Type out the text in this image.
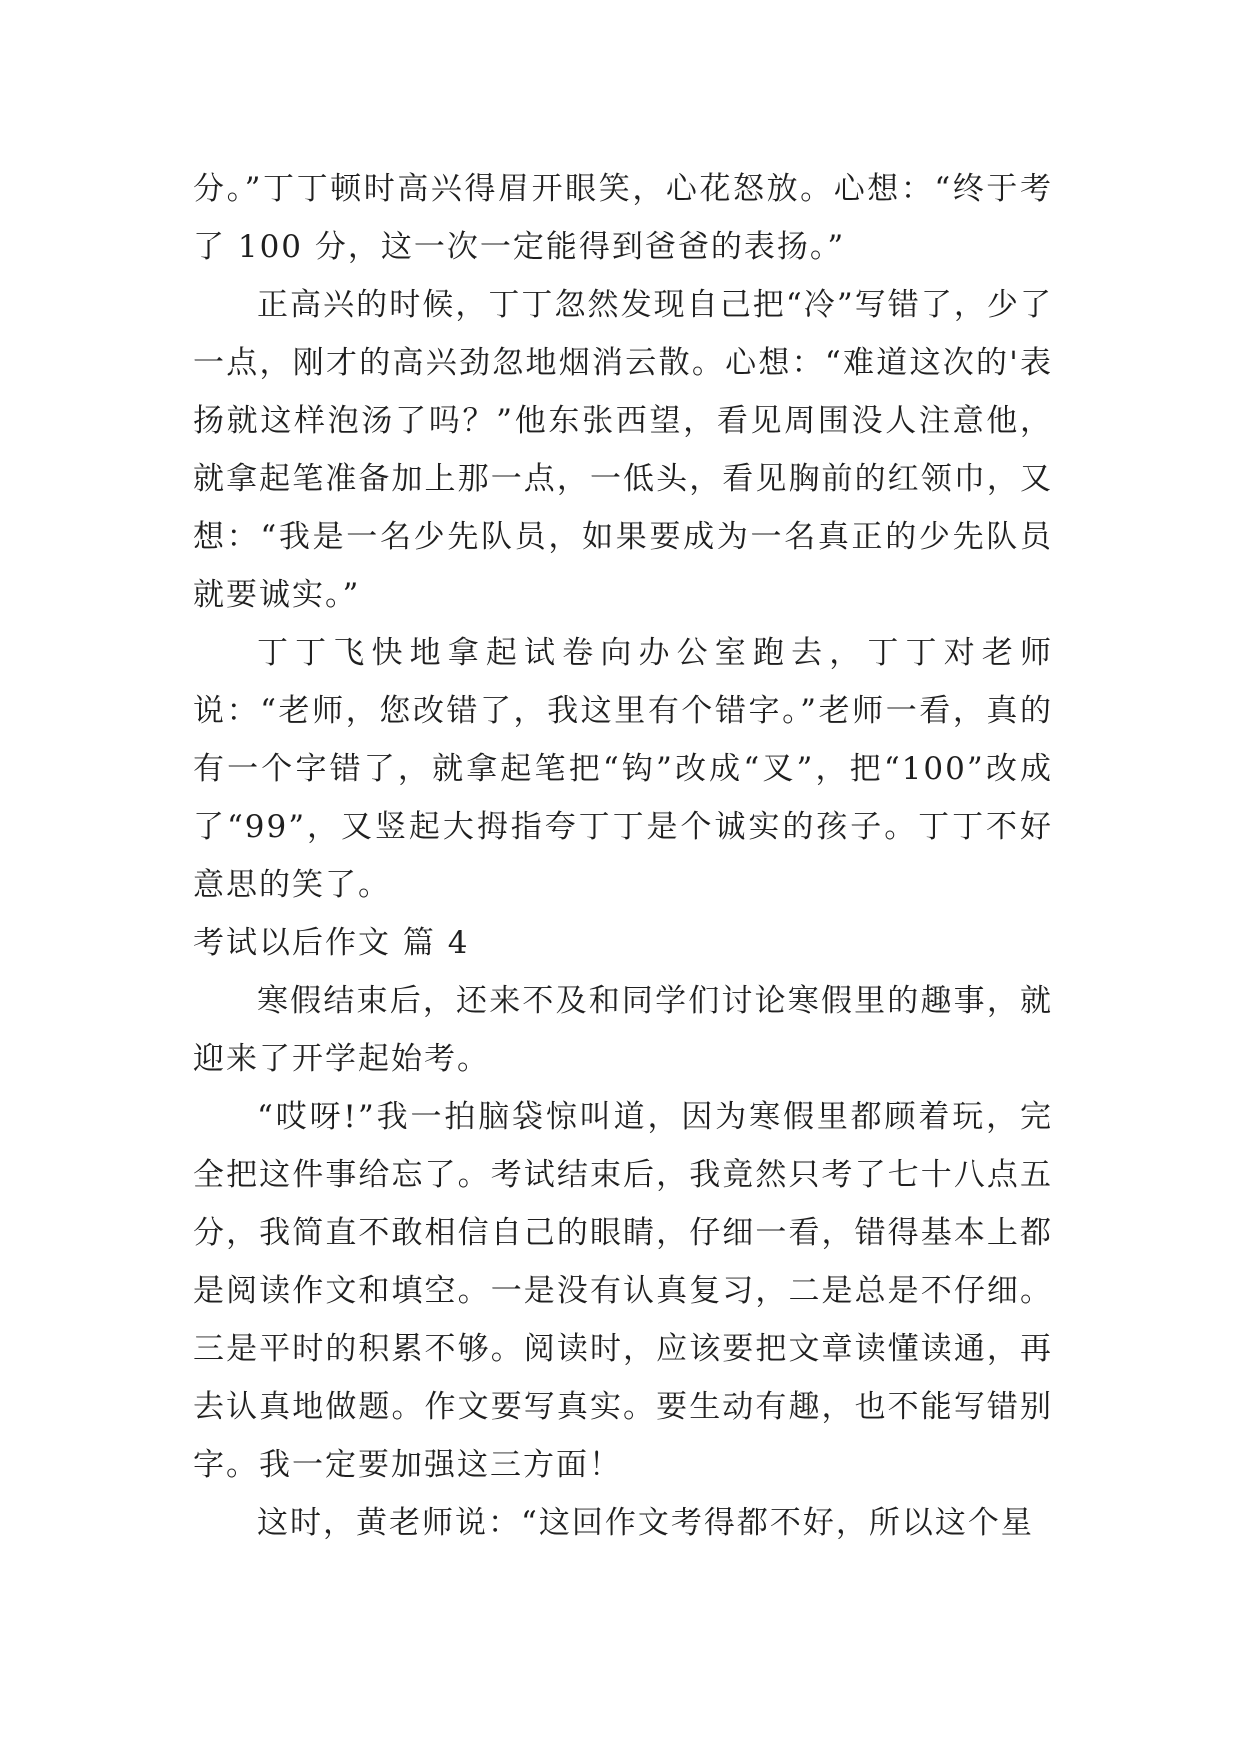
分。”丁丁顿时高兴得眉开眼笑，心花怒放。心想：“终于考了 100 分，这一次一定能得到爸爸的表扬。”

正高兴的时候，丁丁忽然发现自己把“冷”写错了，少了一点，刚才的高兴劲忽地烟消云散。心想：“难道这次的'表扬就这样泡汤了吗？”他东张西望，看见周围没人注意他，就拿起笔准备加上那一点，一低头，看见胸前的红领巾，又想：“我是一名少先队员，如果要成为一名真正的少先队员就要诚实。”

丁丁飞快地拿起试卷向办公室跑去，丁丁对老师说：“老师，您改错了，我这里有个错字。”老师一看，真的有一个字错了，就拿起笔把“钩”改成“叉”，把“100”改成了“99”，又竖起大拇指夸丁丁是个诚实的孩子。丁丁不好意思的笑了。

考试以后作文 篇 4

寒假结束后，还来不及和同学们讨论寒假里的趣事，就迎来了开学起始考。

“哎呀!”我一拍脑袋惊叫道，因为寒假里都顾着玩，完全把这件事给忘了。考试结束后，我竟然只考了七十八点五分，我简直不敢相信自己的眼睛，仔细一看，错得基本上都是阅读作文和填空。一是没有认真复习，二是总是不仔细。三是平时的积累不够。阅读时，应该要把文章读懂读通，再去认真地做题。作文要写真实。要生动有趣，也不能写错别字。我一定要加强这三方面！

这时，黄老师说：“这回作文考得都不好，所以这个星
